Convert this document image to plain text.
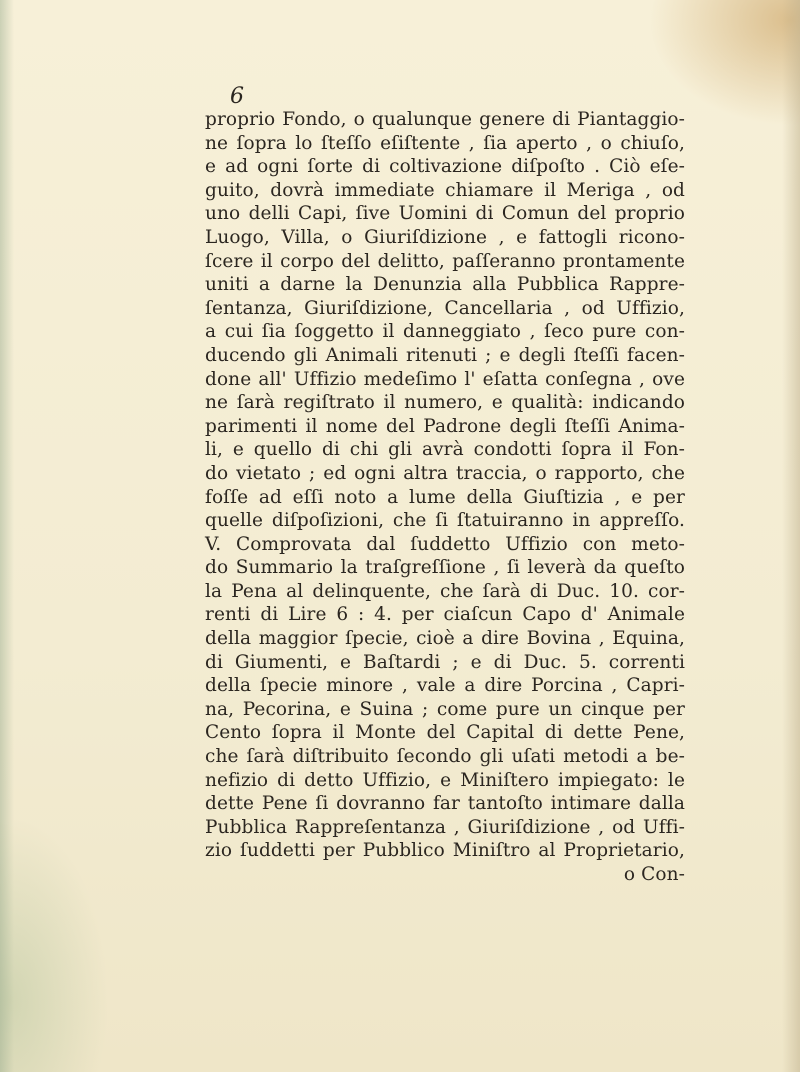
6
proprio Fondo, o qualunque genere di Piantaggio-
ne ſopra lo ſteſſo eſiſtente , ſia aperto , o chiuſo,
e ad ogni ſorte di coltivazione diſpoſto . Ciò eſe-
guito, dovrà immediate chiamare il Meriga , od
uno delli Capi, ſive Uomini di Comun del proprio
Luogo, Villa, o Giuriſdizione , e fattogli ricono-
ſcere il corpo del delitto, paſſeranno prontamente
uniti a darne la Denunzia alla Pubblica Rappre-
ſentanza, Giuriſdizione, Cancellaria , od Uffizio,
a cui ſia ſoggetto il danneggiato , ſeco pure con-
ducendo gli Animali ritenuti ; e degli ſteſſi facen-
done all' Uffizio medeſimo l' eſatta conſegna , ove
ne ſarà regiſtrato il numero, e qualità: indicando
parimenti il nome del Padrone degli ſteſſi Anima-
li, e quello di chi gli avrà condotti ſopra il Fon-
do vietato ; ed ogni altra traccia, o rapporto, che
foſſe ad eſſi noto a lume della Giuſtizia , e per
quelle diſpoſizioni, che ſi ſtatuiranno in appreſſo.
V. Comprovata dal ſuddetto Uffizio con meto-
do Summario la traſgreſſione , ſi leverà da queſto
la Pena al delinquente, che ſarà di Duc. 10. cor-
renti di Lire 6 : 4. per ciaſcun Capo d' Animale
della maggior ſpecie, cioè a dire Bovina , Equina,
di Giumenti, e Baſtardi ; e di Duc. 5. correnti
della ſpecie minore , vale a dire Porcina , Capri-
na, Pecorina, e Suina ; come pure un cinque per
Cento ſopra il Monte del Capital di dette Pene,
che ſarà diſtribuito ſecondo gli uſati metodi a be-
nefizio di detto Uffizio, e Miniſtero impiegato: le
dette Pene ſi dovranno far tantoſto intimare dalla
Pubblica Rappreſentanza , Giuriſdizione , od Uffi-
zio ſuddetti per Pubblico Miniſtro al Proprietario,
o Con-
